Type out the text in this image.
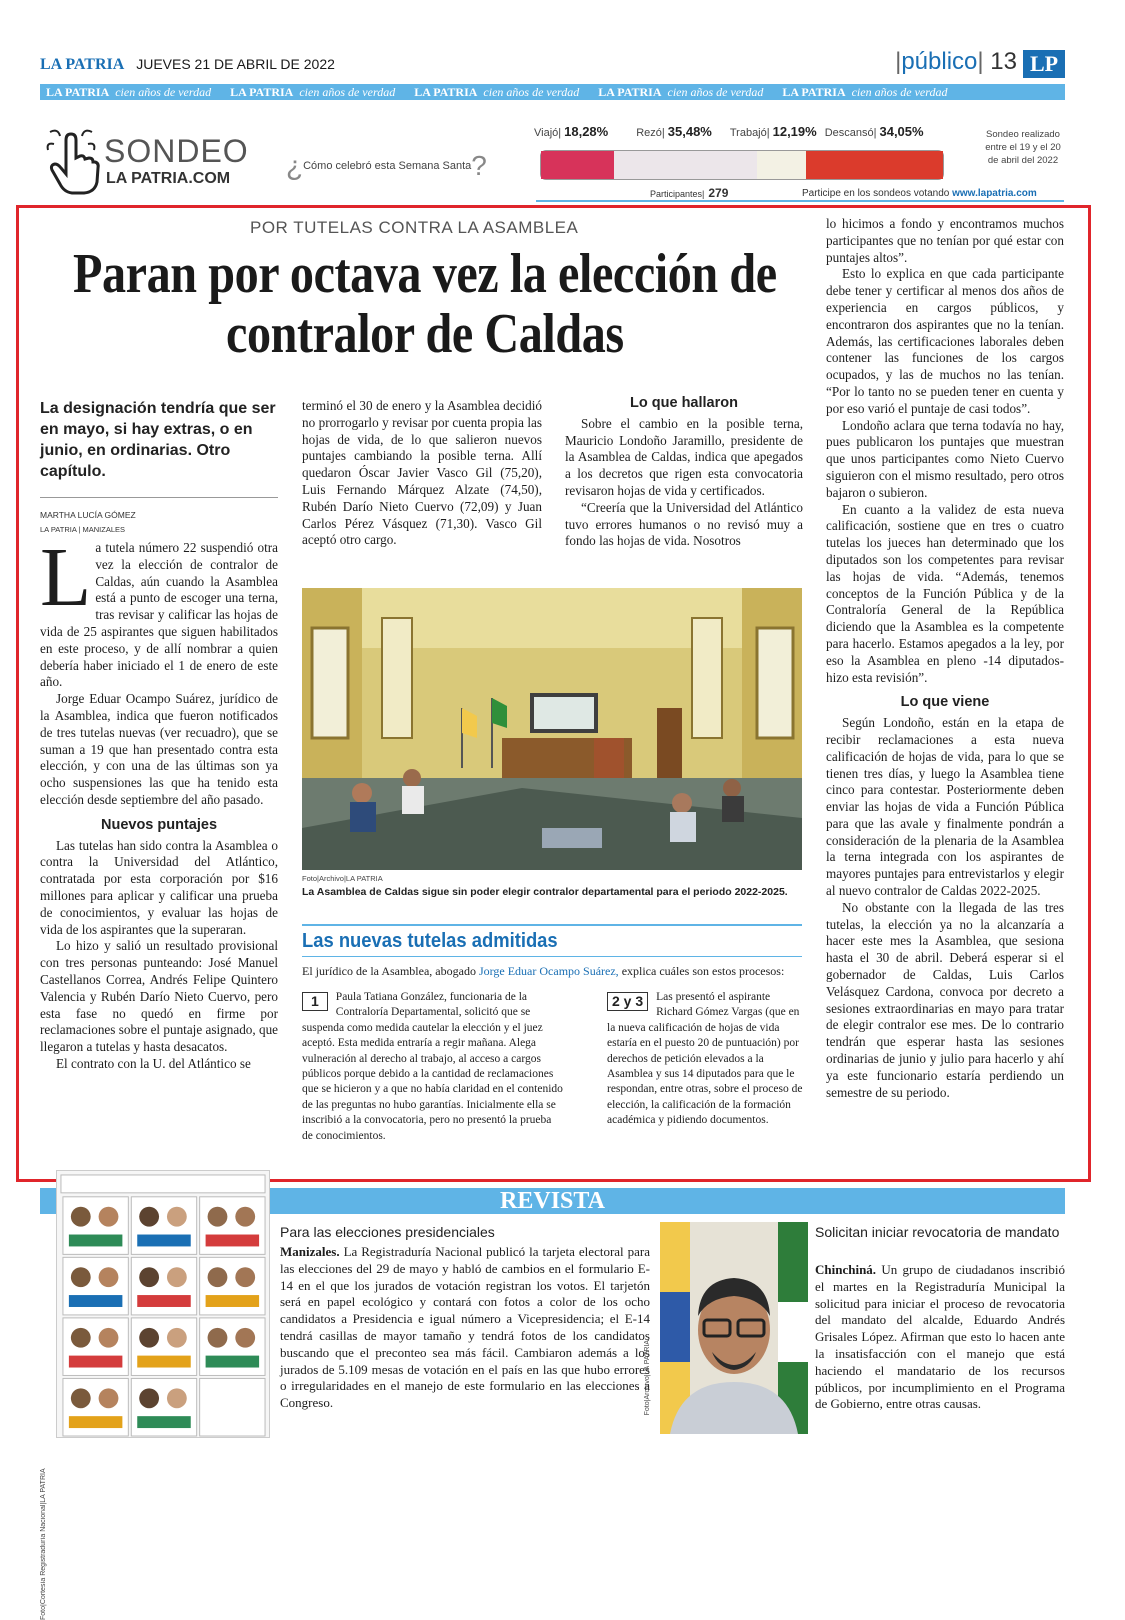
LA PATRIA JUEVES 21 DE ABRIL DE 2022	|público| 13 LP
LA PATRIA cien años de verdad LA PATRIA cien años de verdad LA PATRIA cien años de verdad LA PATRIA cien años de verdad LA PATRIA cien años de verdad
SONDEO
LA PATRIA.COM ¿Cómo celebró esta Semana Santa?
Viajó| 18,28%	Rezó| 35,48% Trabajó| 12,19% Descansó| 34,05%	Sondeo realizado entre el 19 y el 20 de abril del 2022
Participantes| 279	Participe en los sondeos votando www.lapatria.com
POR TUTELAS CONTRA LA ASAMBLEA
Paran por octava vez la elección de contralor de Caldas
La designación tendría que ser en mayo, si hay extras, o en junio, en ordinarias. Otro capítulo.
MARTHA LUCÍA GÓMEZ
LA PATRIA | MANIZALES
L a tutela número 22 suspendió otra vez la elección de contralor de Caldas, aún cuando la Asamblea está a punto de escoger una terna, tras revisar y calificar las hojas de vida de 25 aspirantes que siguen habilitados en este proceso, y de allí nombrar a quien debería haber iniciado el 1 de enero de este año.

Jorge Eduar Ocampo Suárez, jurídico de la Asamblea, indica que fueron notificados de tres tutelas nuevas (ver recuadro), que se suman a 19 que han presentado contra esta elección, y con una de las últimas son ya ocho suspensiones las que ha tenido esta elección desde septiembre del año pasado.

Nuevos puntajes

Las tutelas han sido contra la Asamblea o contra la Universidad del Atlántico, contratada por esta corporación por $16 millones para aplicar y calificar una prueba de conocimientos, y evaluar las hojas de vida de los aspirantes que la superaran.

Lo hizo y salió un resultado provisional con tres personas punteando: José Manuel Castellanos Correa, Andrés Felipe Quintero Valencia y Rubén Darío Nieto Cuervo, pero esta fase no quedó en firme por reclamaciones sobre el puntaje asignado, que llegaron a tutelas y hasta desacatos.

El contrato con la U. del Atlántico se

terminó el 30 de enero y la Asamblea decidió no prorrogarlo y revisar por cuenta propia las hojas de vida, de lo que salieron nuevos puntajes cambiando la posible terna. Allí quedaron Óscar Javier Vasco Gil (75,20), Luis Fernando Márquez Alzate (74,50), Rubén Darío Nieto Cuervo (72,09) y Juan Carlos Pérez Vásquez (71,30). Vasco Gil aceptó otro cargo.

Lo que hallaron

Sobre el cambio en la posible terna, Mauricio Londoño Jaramillo, presidente de la Asamblea de Caldas, indica que apegados a los decretos que rigen esta convocatoria revisaron hojas de vida y certificados.

“Creería que la Universidad del Atlántico tuvo errores humanos o no revisó muy a fondo las hojas de vida. Nosotros

lo hicimos a fondo y encontramos muchos participantes que no tenían por qué estar con puntajes altos”.

Esto lo explica en que cada participante debe tener y certificar al menos dos años de experiencia en cargos públicos, y encontraron dos aspirantes que no la tenían. Además, las certificaciones laborales deben contener las funciones de los cargos ocupados, y las de muchos no las tenían. “Por lo tanto no se pueden tener en cuenta y por eso varió el puntaje de casi todos”.

Londoño aclara que terna todavía no hay, pues publicaron los puntajes que muestran que unos participantes como Nieto Cuervo siguieron con el mismo resultado, pero otros bajaron o subieron.

En cuanto a la validez de esta nueva calificación, sostiene que en tres o cuatro tutelas los jueces han determinado que los diputados son los competentes para revisar las hojas de vida. “Además, tenemos conceptos de la Función Pública y de la Contraloría General de la República diciendo que la Asamblea es la competente para hacerlo. Estamos apegados a la ley, por eso la Asamblea en pleno -14 diputados- hizo esta revisión”.

Lo que viene

Según Londoño, están en la etapa de recibir reclamaciones a esta nueva calificación de hojas de vida, para lo que se tienen tres días, y luego la Asamblea tiene cinco para contestar. Posteriormente deben enviar las hojas de vida a Función Pública para que las avale y finalmente pondrán a consideración de la plenaria de la Asamblea la terna integrada con los aspirantes de mayores puntajes para entrevistarlos y elegir al nuevo contralor de Caldas 2022-2025.

No obstante con la llegada de las tres tutelas, la elección ya no la alcanzaría a hacer este mes la Asamblea, que sesiona hasta el 30 de abril. Deberá esperar si el gobernador de Caldas, Luis Carlos Velásquez Cardona, convoca por decreto a sesiones extraordinarias en mayo para tratar de elegir contralor ese mes. De lo contrario tendrán que esperar hasta las sesiones ordinarias de junio y julio para hacerlo y ahí ya este funcionario estaría perdiendo un semestre de su periodo.

Foto|Archivo|LA PATRIA
La Asamblea de Caldas sigue sin poder elegir contralor departamental para el periodo 2022-2025.
Las nuevas tutelas admitidas
El jurídico de la Asamblea, abogado Jorge Eduar Ocampo Suárez, explica cuáles son estos procesos:
1	Paula Tatiana González, funcionaria de la Contraloría Departamental, solicitó que se suspenda como medida cautelar la elección y el juez aceptó. Esta medida entraría a regir mañana. Alega vulneración al derecho al trabajo, al acceso a cargos públicos porque debido a la cantidad de reclamaciones que se hicieron y a que no había claridad en el contenido de las preguntas no hubo garantías. Inicialmente ella se inscribió a la convocatoria, pero no presentó la prueba de conocimientos.
2 y 3	Las presentó el aspirante Richard Gómez Vargas (que en la nueva calificación de hojas de vida estaría en el puesto 20 de puntuación) por derechos de petición elevados a la Asamblea y sus 14 diputados para que le respondan, entre otras, sobre el proceso de elección, la calificación de la formación académica y pidiendo documentos.
REVISTA
Foto|Cortesía Registraduría Nacional|LA PATRIA
Para las elecciones presidenciales
Manizales. La Registraduría Nacional publicó la tarjeta electoral para las elecciones del 29 de mayo y habló de cambios en el formulario E-14 en el que los jurados de votación registran los votos. El tarjetón será en papel ecológico y contará con fotos a color de los ocho candidatos a Presidencia e igual número a Vicepresidencia; el E-14 tendrá casillas de mayor tamaño y tendrá fotos de los candidatos buscando que el preconteo sea más fácil. Cambiaron además a los jurados de 5.109 mesas de votación en el país en las que hubo errores o irregularidades en el manejo de este formulario en las elecciones a Congreso.	Foto|Archivo|LA PATRIA
Solicitan iniciar revocatoria de mandato
Chinchiná. Un grupo de ciudadanos inscribió el martes en la Registraduría Municipal la solicitud para iniciar el proceso de revocatoria del mandato del alcalde, Eduardo Andrés Grisales López. Afirman que esto lo hacen ante la insatisfacción con el manejo que está haciendo el mandatario de los recursos públicos, por incumplimiento en el Programa de Gobierno, entre otras causas.
